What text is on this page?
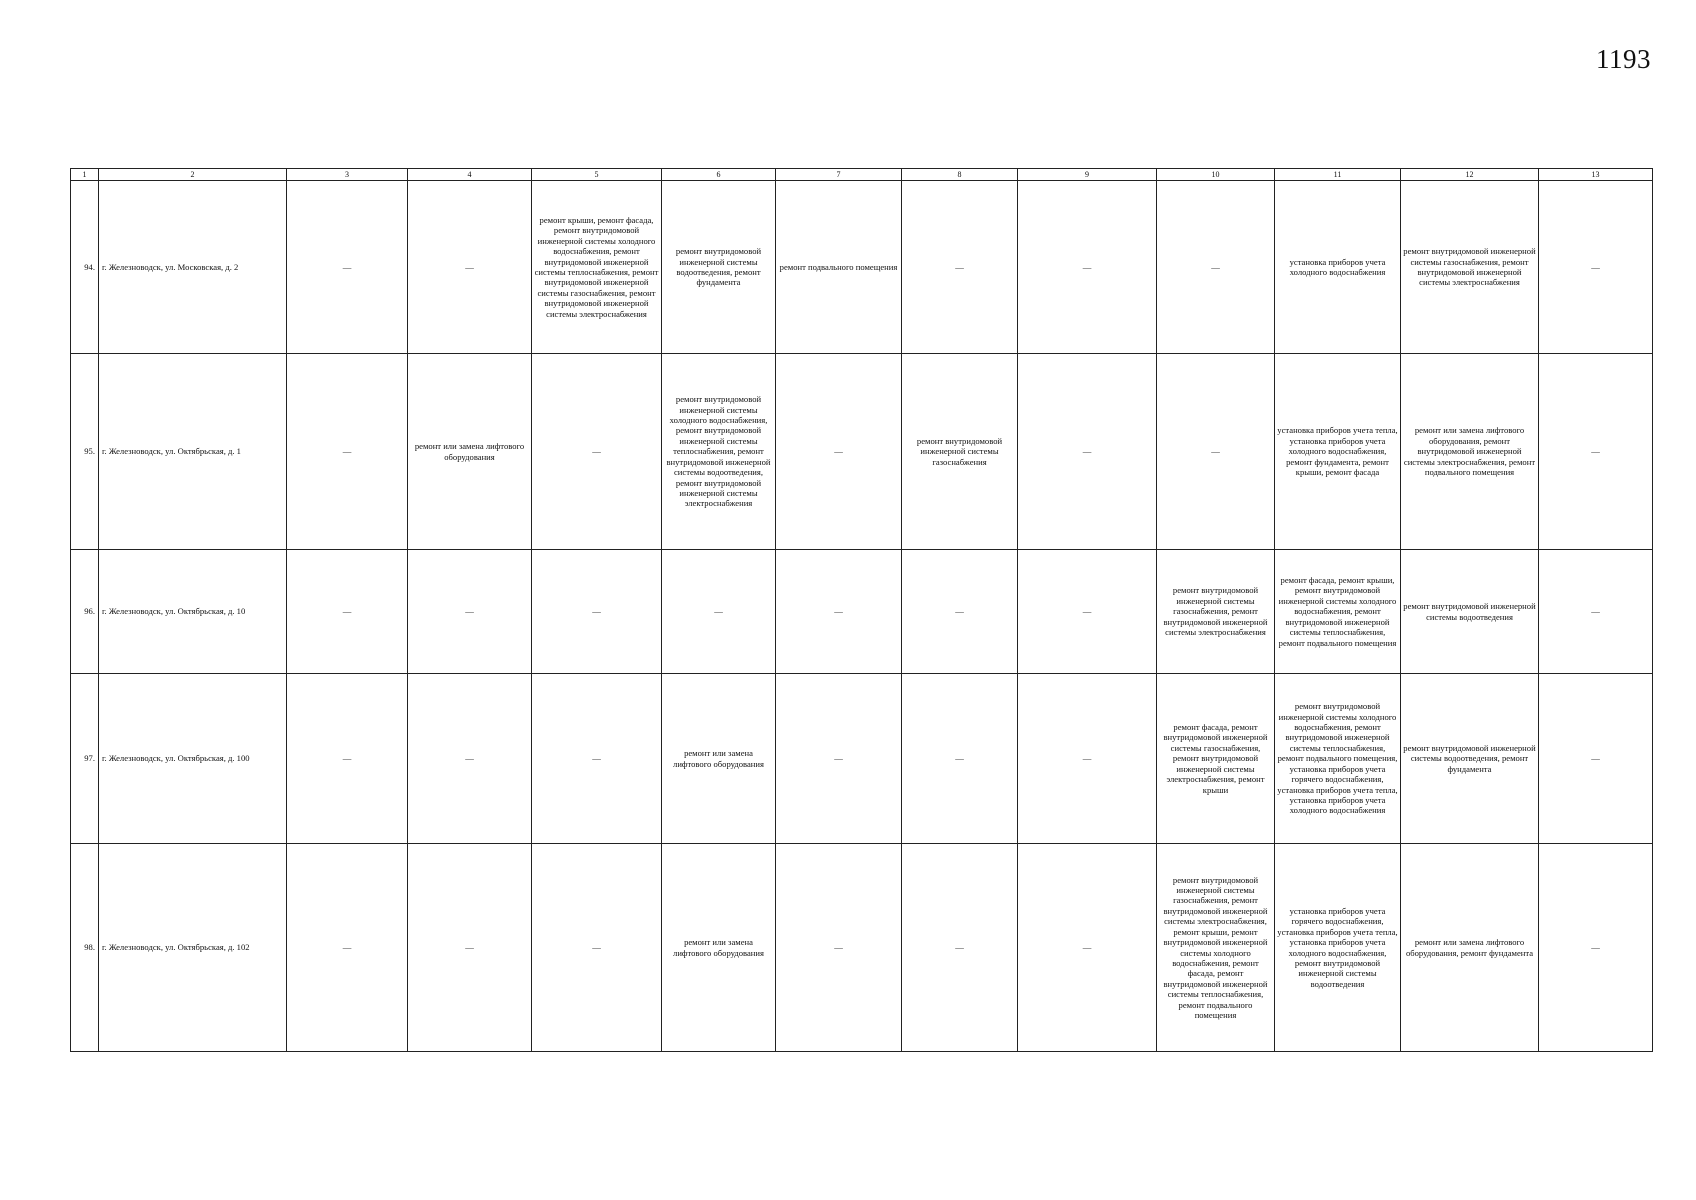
1193
1	2	3	4	5	6	7	8	9	10	11	12	13
94.	г. Железноводск, ул. Московская, д. 2	—	—	ремонт крыши, ремонт фасада, ремонт внутридомовой инженерной системы холодного водоснабжения, ремонт внутридомовой инженерной системы теплоснабжения, ремонт внутридомовой инженерной системы газоснабжения, ремонт внутридомовой инженерной системы электроснабжения	ремонт внутридомовой инженерной системы водоотведения, ремонт фундамента	ремонт подвального помещения	—	—	—	установка приборов учета холодного водоснабжения	ремонт внутридомовой инженерной системы газоснабжения, ремонт внутридомовой инженерной системы электроснабжения	—
95.	г. Железноводск, ул. Октябрьская, д. 1	—	ремонт или замена лифтового оборудования	—	ремонт внутридомовой инженерной системы холодного водоснабжения, ремонт внутридомовой инженерной системы теплоснабжения, ремонт внутридомовой инженерной системы водоотведения, ремонт внутридомовой инженерной системы электроснабжения	—	ремонт внутридомовой инженерной системы газоснабжения	—	—	установка приборов учета тепла, установка приборов учета холодного водоснабжения, ремонт фундамента, ремонт крыши, ремонт фасада	ремонт или замена лифтового оборудования, ремонт внутридомовой инженерной системы электроснабжения, ремонт подвального помещения	—
96.	г. Железноводск, ул. Октябрьская, д. 10	—	—	—	—	—	—	—	ремонт внутридомовой инженерной системы газоснабжения, ремонт внутридомовой инженерной системы электроснабжения	ремонт фасада, ремонт крыши, ремонт внутридомовой инженерной системы холодного водоснабжения, ремонт внутридомовой инженерной системы теплоснабжения, ремонт подвального помещения	ремонт внутридомовой инженерной системы водоотведения	—
97.	г. Железноводск, ул. Октябрьская, д. 100	—	—	—	ремонт или замена лифтового оборудования	—	—	—	ремонт фасада, ремонт внутридомовой инженерной системы газоснабжения, ремонт внутридомовой инженерной системы электроснабжения, ремонт крыши	ремонт внутридомовой инженерной системы холодного водоснабжения, ремонт внутридомовой инженерной системы теплоснабжения, ремонт подвального помещения, установка приборов учета горячего водоснабжения, установка приборов учета тепла, установка приборов учета холодного водоснабжения	ремонт внутридомовой инженерной системы водоотведения, ремонт фундамента	—
98.	г. Железноводск, ул. Октябрьская, д. 102	—	—	—	ремонт или замена лифтового оборудования	—	—	—	ремонт внутридомовой инженерной системы газоснабжения, ремонт внутридомовой инженерной системы электроснабжения, ремонт крыши, ремонт внутридомовой инженерной системы холодного водоснабжения, ремонт фасада, ремонт внутридомовой инженерной системы теплоснабжения, ремонт подвального помещения	установка приборов учета горячего водоснабжения, установка приборов учета тепла, установка приборов учета холодного водоснабжения, ремонт внутридомовой инженерной системы водоотведения	ремонт или замена лифтового оборудования, ремонт фундамента	—
